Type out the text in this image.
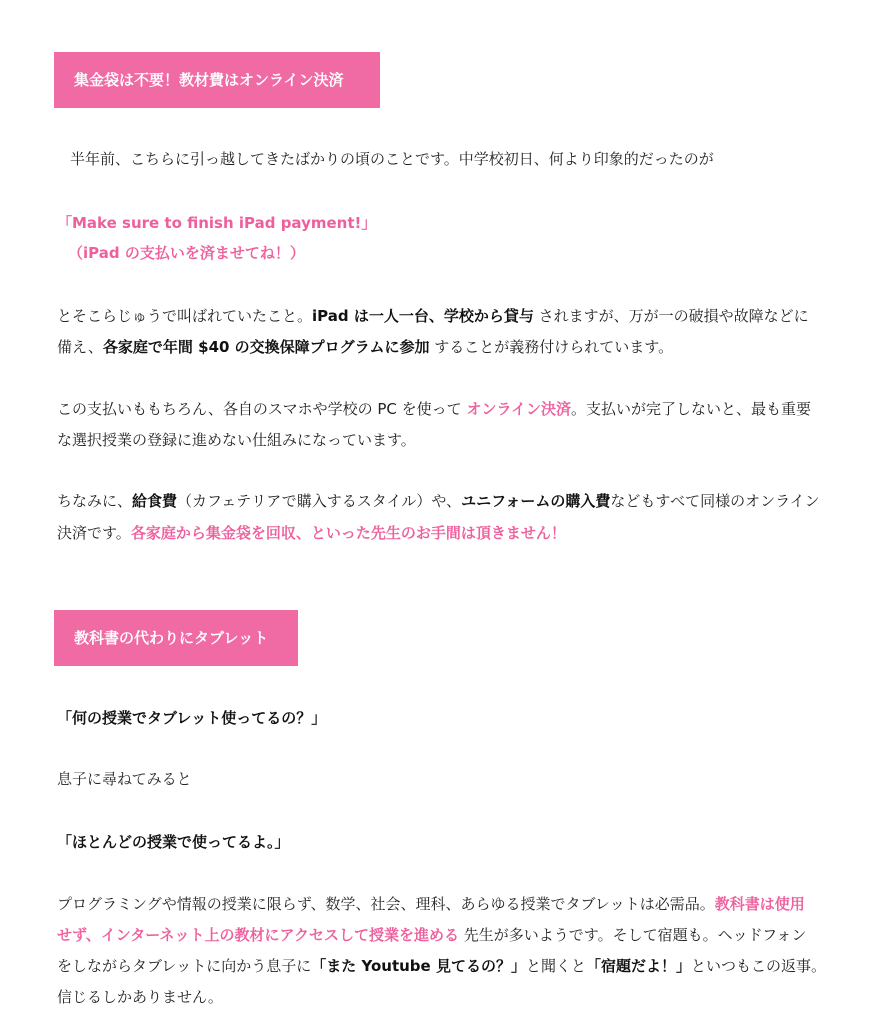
集金袋は不要！教材費はオンライン決済
半年前、こちらに引っ越してきたばかりの頃のことです。中学校初日、何より印象的だったのが
「Make sure to finish iPad payment!」
（iPad の支払いを済ませてね！）
とそこらじゅうで叫ばれていたこと。iPad は一人一台、学校から貸与 されますが、万が一の破損や故障などに
備え、各家庭で年間 $40 の交換保障プログラムに参加 することが義務付けられています。
この支払いももちろん、各自のスマホや学校の PC を使って オンライン決済。支払いが完了しないと、最も重要
な選択授業の登録に進めない仕組みになっています。
ちなみに、給食費（カフェテリアで購入するスタイル）や、ユニフォームの購入費などもすべて同様のオンライン
決済です。各家庭から集金袋を回収、といった先生のお手間は頂きません！
教科書の代わりにタブレット
「何の授業でタブレット使ってるの？」
息子に尋ねてみると
「ほとんどの授業で使ってるよ。」
プログラミングや情報の授業に限らず、数学、社会、理科、あらゆる授業でタブレットは必需品。教科書は使用
せず、インターネット上の教材にアクセスして授業を進める 先生が多いようです。そして宿題も。ヘッドフォン
をしながらタブレットに向かう息子に「また Youtube 見てるの？」と聞くと「宿題だよ！」といつもこの返事。
信じるしかありません。
